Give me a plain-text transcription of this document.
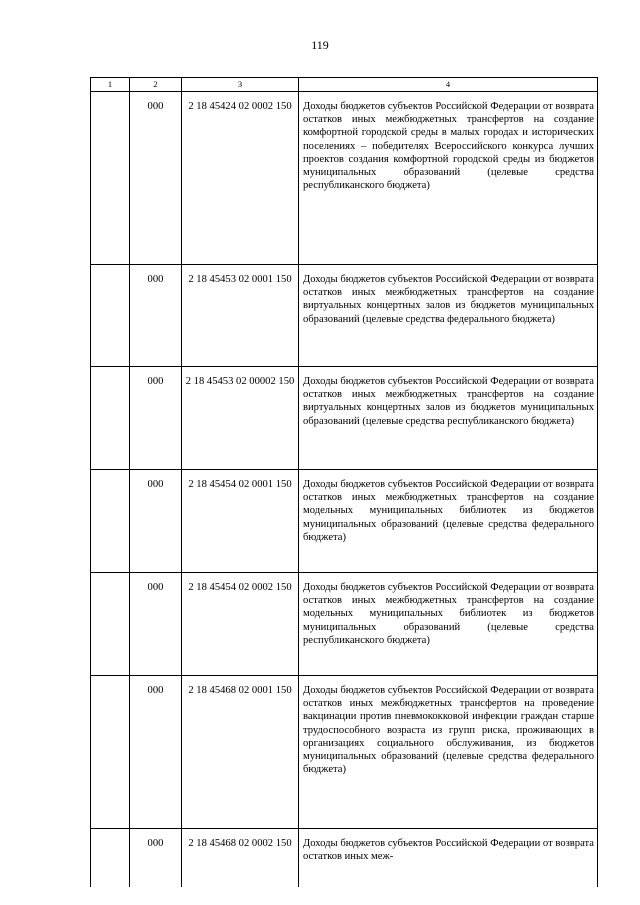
119
1	2	3	4
	000	2 18 45424 02 0002 150	Доходы бюджетов субъектов Российской Федерации от возврата остатков иных межбюджетных трансфертов на создание комфортной городской среды в малых городах и исторических поселениях – победителях Всероссийского конкурса лучших проектов создания комфортной городской среды из бюджетов муниципальных образований (целевые средства республиканского бюджета)
	000	2 18 45453 02 0001 150	Доходы бюджетов субъектов Российской Федерации от возврата остатков иных межбюджетных трансфертов на создание виртуальных концертных залов из бюджетов муниципальных образований (целевые средства федерального бюджета)
	000	2 18 45453 02 00002 150	Доходы бюджетов субъектов Российской Федерации от возврата остатков иных межбюджетных трансфертов на создание виртуальных концертных залов из бюджетов муниципальных образований (целевые средства республиканского бюджета)
	000	2 18 45454 02 0001 150	Доходы бюджетов субъектов Российской Федерации от возврата остатков иных межбюджетных трансфертов на создание модельных муниципальных библиотек из бюджетов муниципальных образований (целевые средства федерального бюджета)
	000	2 18 45454 02 0002 150	Доходы бюджетов субъектов Российской Федерации от возврата остатков иных межбюджетных трансфертов на создание модельных муниципальных библиотек из бюджетов муниципальных образований (целевые средства республиканского бюджета)
	000	2 18 45468 02 0001 150	Доходы бюджетов субъектов Российской Федерации от возврата остатков иных межбюджетных трансфертов на проведение вакцинации против пневмококковой инфекции граждан старше трудоспособного возраста из групп риска, проживающих в организациях социального обслуживания, из бюджетов муниципальных образований (целевые средства федерального бюджета)
	000	2 18 45468 02 0002 150	Доходы бюджетов субъектов Российской Федерации от возврата остатков иных меж-
